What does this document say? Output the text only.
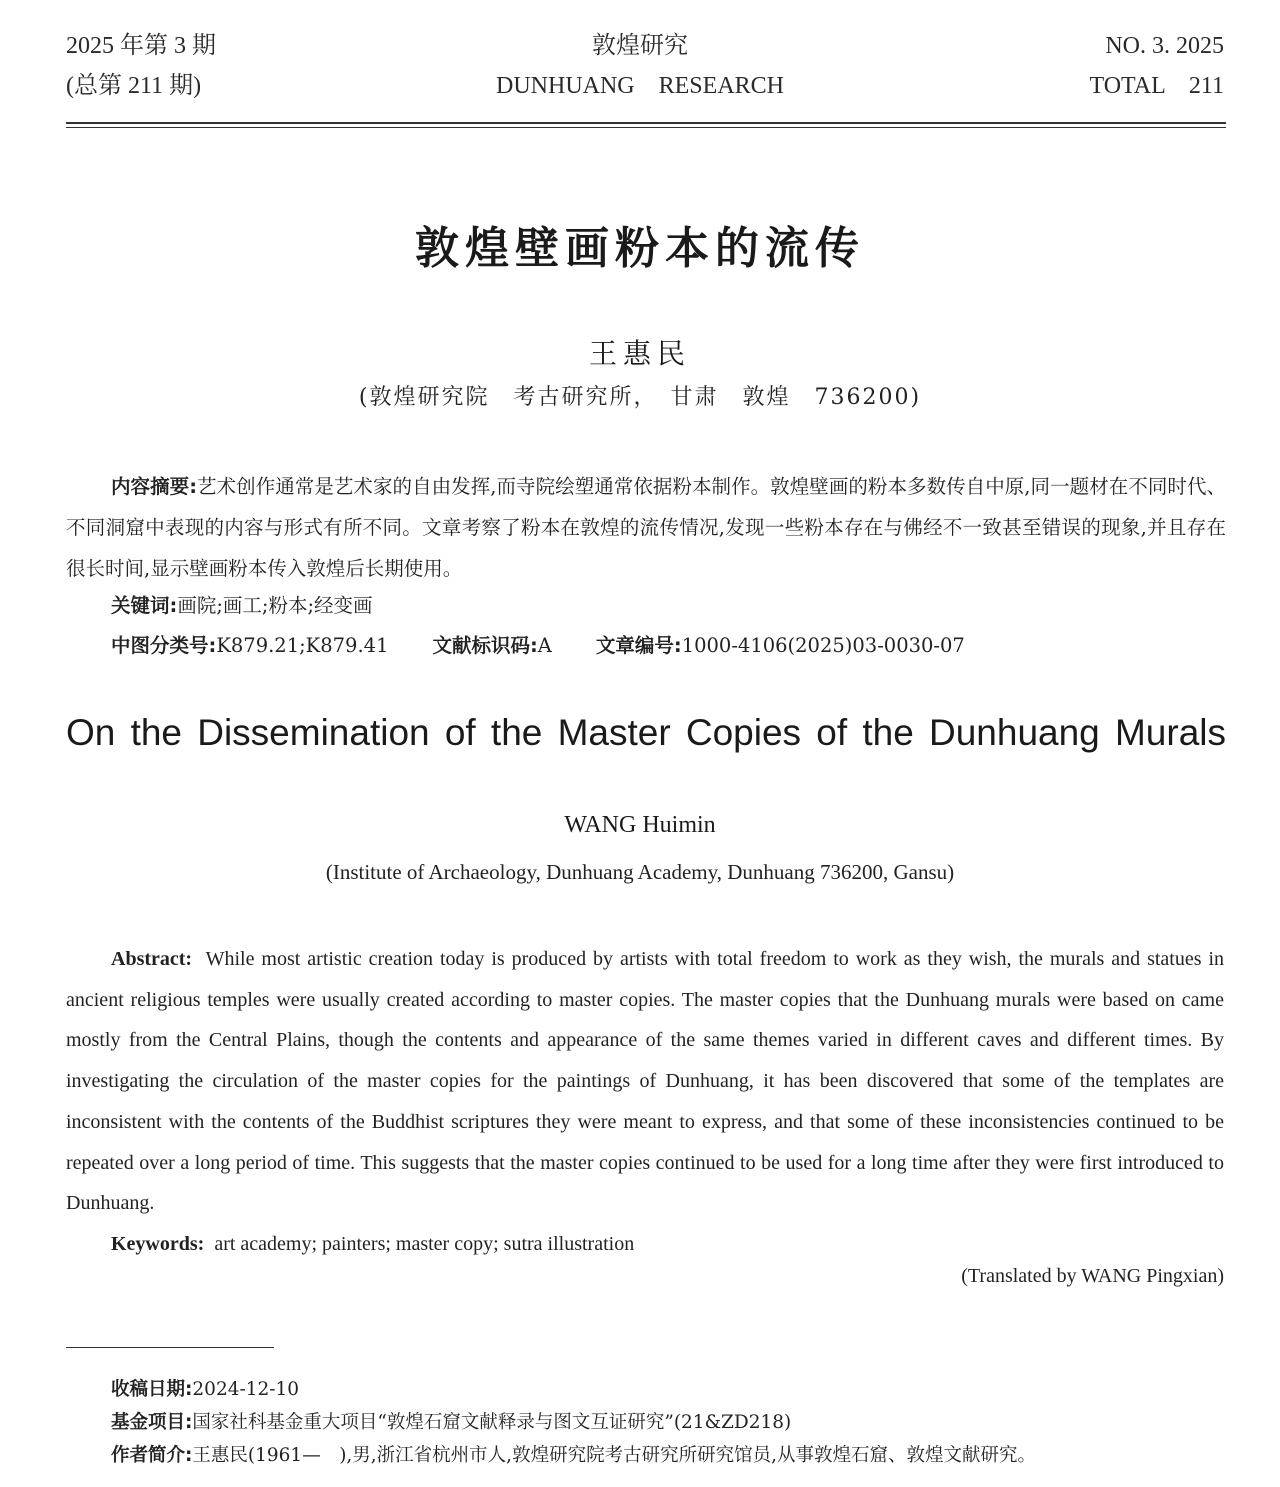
2025 年第 3 期
(总第 211 期)
敦煌研究
DUNHUANG RESEARCH
NO. 3. 2025
TOTAL 211
敦煌壁画粉本的流传
王惠民
(敦煌研究院　考古研究所，　甘肃　敦煌　736200)
内容摘要:艺术创作通常是艺术家的自由发挥,而寺院绘塑通常依据粉本制作。敦煌壁画的粉本多数传自中原,同一题材在不同时代、不同洞窟中表现的内容与形式有所不同。文章考察了粉本在敦煌的流传情况,发现一些粉本存在与佛经不一致甚至错误的现象,并且存在很长时间,显示壁画粉本传入敦煌后长期使用。
关键词:画院;画工;粉本;经变画
中图分类号:K879.21;K879.41 文献标识码:A 文章编号:1000-4106(2025)03-0030-07
On the Dissemination of the Master Copies of the Dunhuang Murals
WANG Huimin
(Institute of Archaeology, Dunhuang Academy, Dunhuang 736200, Gansu)
Abstract: While most artistic creation today is produced by artists with total freedom to work as they wish, the murals and statues in ancient religious temples were usually created according to master copies. The master copies that the Dunhuang murals were based on came mostly from the Central Plains, though the contents and appearance of the same themes varied in different caves and different times. By investigating the circulation of the master copies for the paintings of Dunhuang, it has been discovered that some of the templates are inconsistent with the contents of the Buddhist scriptures they were meant to express, and that some of these inconsistencies continued to be repeated over a long period of time. This suggests that the master copies continued to be used for a long time after they were first introduced to Dunhuang.
Keywords: art academy; painters; master copy; sutra illustration
(Translated by WANG Pingxian)
收稿日期:2024-12-10
基金项目:国家社科基金重大项目“敦煌石窟文献释录与图文互证研究”(21&ZD218)
作者简介:王惠民(1961—　),男,浙江省杭州市人,敦煌研究院考古研究所研究馆员,从事敦煌石窟、敦煌文献研究。
